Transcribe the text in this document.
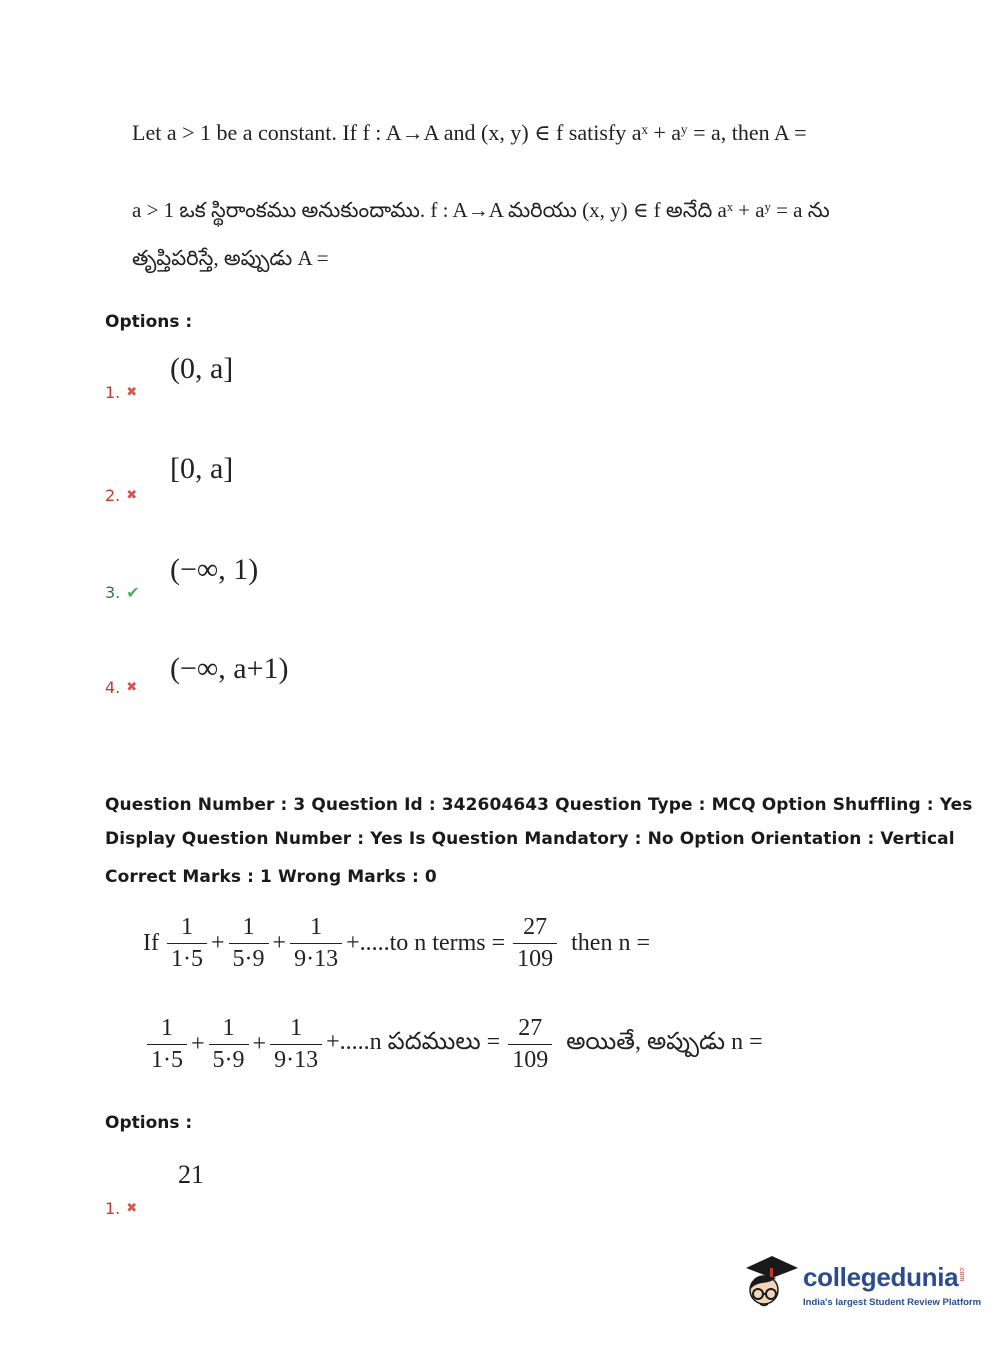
Let a > 1 be a constant. If f : A→A and (x, y) ∈ f satisfy aˣ + aʸ = a, then A =
a > 1 ఒక స్థిరాంకము అనుకుందాము. f : A→A మరియు (x, y) ∈ f అనేది aˣ + aʸ = a ను
తృప్తిపరిస్తే, అప్పుడు A =
Options :
(0, a]
1. ✖
[0, a]
2. ✖
(−∞, 1)
3. ✔
(−∞, a+1)
4. ✖
Question Number : 3 Question Id : 342604643 Question Type : MCQ Option Shuffling : Yes
Display Question Number : Yes Is Question Mandatory : No Option Orientation : Vertical
Correct Marks : 1 Wrong Marks : 0
If $\frac{1}{1\cdot 5} + \frac{1}{5\cdot 9} + \frac{1}{9\cdot 13} +.....to$ n terms = $\frac{27}{109}$ then n =
$\frac{1}{1\cdot 5} + \frac{1}{5\cdot 9} + \frac{1}{9\cdot 13} +.....n$ పదములు = $\frac{27}{109}$ అయితే, అప్పుడు n =
Options :
21
1. ✖
collegedunia .com
India's largest Student Review Platform
